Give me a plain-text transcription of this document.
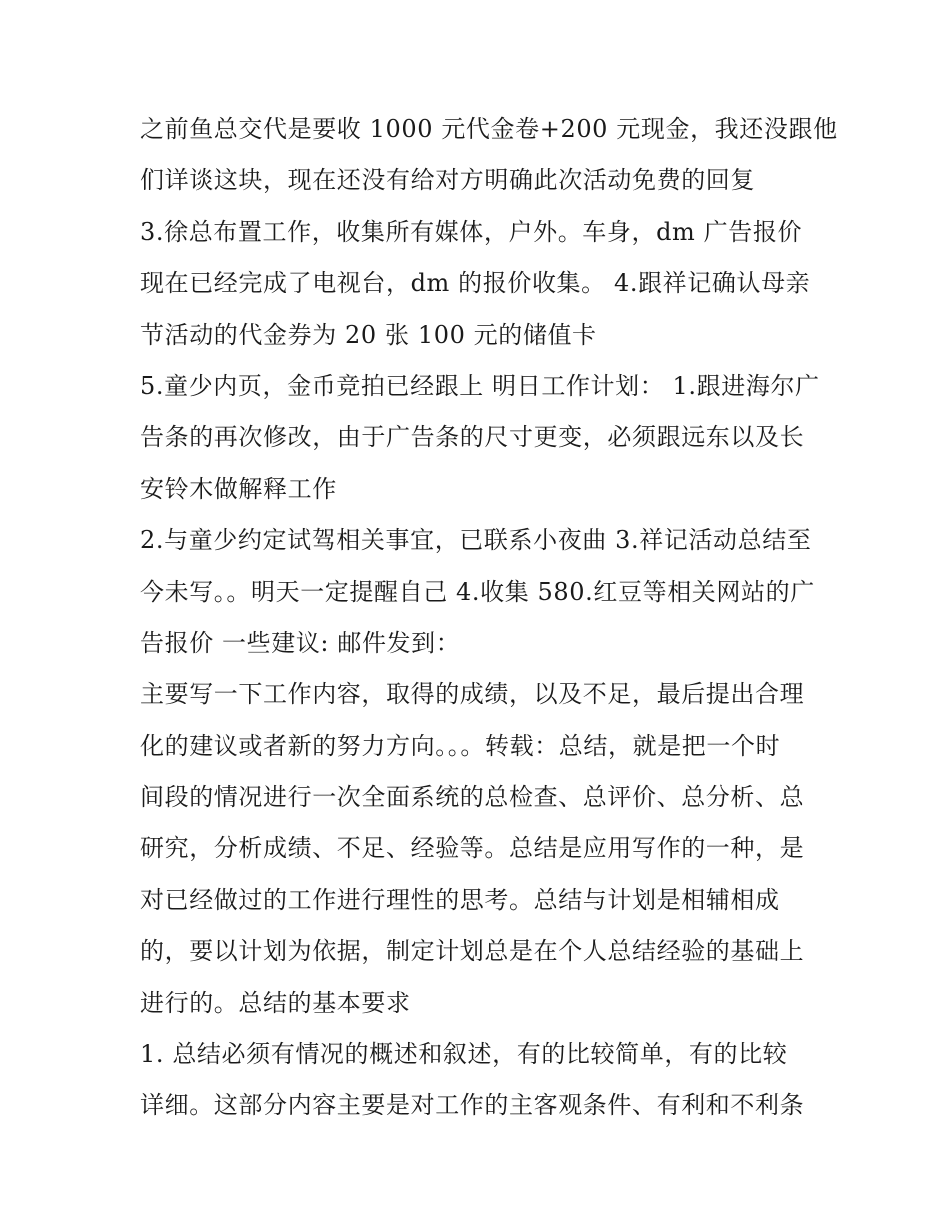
之前鱼总交代是要收 1000 元代金卷+200 元现金，我还没跟他
们详谈这块，现在还没有给对方明确此次活动免费的回复
3.徐总布置工作，收集所有媒体，户外。车身，dm 广告报价
现在已经完成了电视台，dm 的报价收集。 4.跟祥记确认母亲
节活动的代金券为 20 张 100 元的储值卡
5.童少内页，金币竞拍已经跟上 明日工作计划： 1.跟进海尔广
告条的再次修改，由于广告条的尺寸更变，必须跟远东以及长
安铃木做解释工作
2.与童少约定试驾相关事宜，已联系小夜曲 3.祥记活动总结至
今未写。。明天一定提醒自己 4.收集 580.红豆等相关网站的广
告报价 一些建议: 邮件发到：
主要写一下工作内容，取得的成绩，以及不足，最后提出合理
化的建议或者新的努力方向。。。转载：总结，就是把一个时
间段的情况进行一次全面系统的总检查、总评价、总分析、总
研究，分析成绩、不足、经验等。总结是应用写作的一种，是
对已经做过的工作进行理性的思考。总结与计划是相辅相成
的，要以计划为依据，制定计划总是在个人总结经验的基础上
进行的。总结的基本要求
1. 总结必须有情况的概述和叙述，有的比较简单，有的比较
详细。这部分内容主要是对工作的主客观条件、有利和不利条
